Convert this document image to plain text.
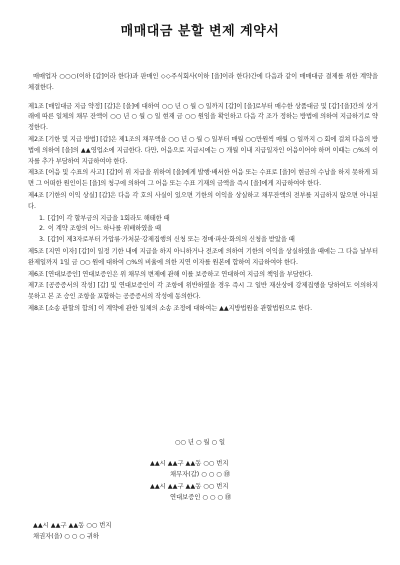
매매대금 분할 변제 계약서

매매업자 ○○○(이하 [갑]이라 한다)과 판매인 ◇◇주식회사(이하 [을]이라 한다)간에 다음과 같이 매매대금 결제를 위한 계약을 체결한다.

제1조 [매입대금 지급 약정] [갑]은 [을]에 대하여 ○○ 년 ○ 월 ○ 일까지 [갑]이 [을]로부터 매수한 상품대금 및 [갑]·[을]간의 상거래에 따른 일체의 채무 잔액이 ○○ 년 ○ 월 ○ 일 현재 금 ○○ 원임을 확인하고 다음 각 조가 정하는 방법에 의하여 지급하기로 약정한다.

제2조 [기한 및 지급 방법] [갑]은 제1조의 채무액을 ○○ 년 ○ 월 ○ 일부터 매월 ○○만원씩 매월 ○ 일까지 ○ 회에 걸쳐 다음의 방법에 의하여 [을]의 ▲▲영업소에 지급한다. 다만, 어음으로 지급시에는 ○ 개월 이내 지급일자인 어음이어야 하며 이때는 ○%의 이자를 추가 부담하여 지급하여야 한다.

제3조 [어음 및 수표의 사고] [갑]이 위 지급을 위하여 [을]에게 발행·배서한 어음 또는 수표로 [을]이 현금의 수납을 하지 못하게 되면 그 어떠한 원인이든 [을]의 청구에 의하여 그 어음 또는 수표 기재의 금액을 즉시 [을]에게 지급하여야 한다.

제4조 [기한의 이익 상실] [갑]은 다음 각 호의 사실이 있으면 기한의 이익을 상실하고 채무잔액의 전부를 지급하지 않으면 아니된다.

1. [갑]이 각 할부금의 지급을 1회라도 해태한 때
2. 이 계약 조항의 어느 하나를 위배하였을 때
3. [갑]이 제3자로부터 가압류·가처분·강제집행의 신청 또는 경매·파산·화의의 신청을 받았을 때

제5조 [지연 이자] [갑]이 일정 기한 내에 지급을 하지 아니하거나 전조에 의하여 기한의 이익을 상실하였을 때에는 그 다음 날부터 완제일까지 1일 금 ○○ 원에 대하여 ○%의 비율에 의한 지연 이자를 원본에 합하여 지급하여야 한다.

제6조 [연대보증인] 연대보증인은 위 채무의 변제에 관해 이를 보증하고 연대하여 지급의 책임을 부담한다.

제7조 [공증증서의 작성] [갑] 및 연대보증인이 각 조항에 위반하였을 경우 즉시 그 일반 재산상에 강제집행을 당하여도 이의하지 못하고 본 조 승인 조항을 포함하는 공증증서의 작성에 동의한다.

제8조 [소송 관할의 합의] 이 계약에 관한 일체의 소송 조정에 대하여는 ▲▲지방법원을 관할법원으로 한다.

○○ 년 ○ 월 ○ 일
▲▲시 ▲▲구 ▲▲동 ○○ 번지
채무자(갑) ○ ○ ○ ㊞
▲▲시 ▲▲구 ▲▲동 ○○ 번지
연대보증인 ○ ○ ○ ㊞
▲▲시 ▲▲구 ▲▲동 ○○ 번지
채권자(을) ○ ○ ○ 귀하
